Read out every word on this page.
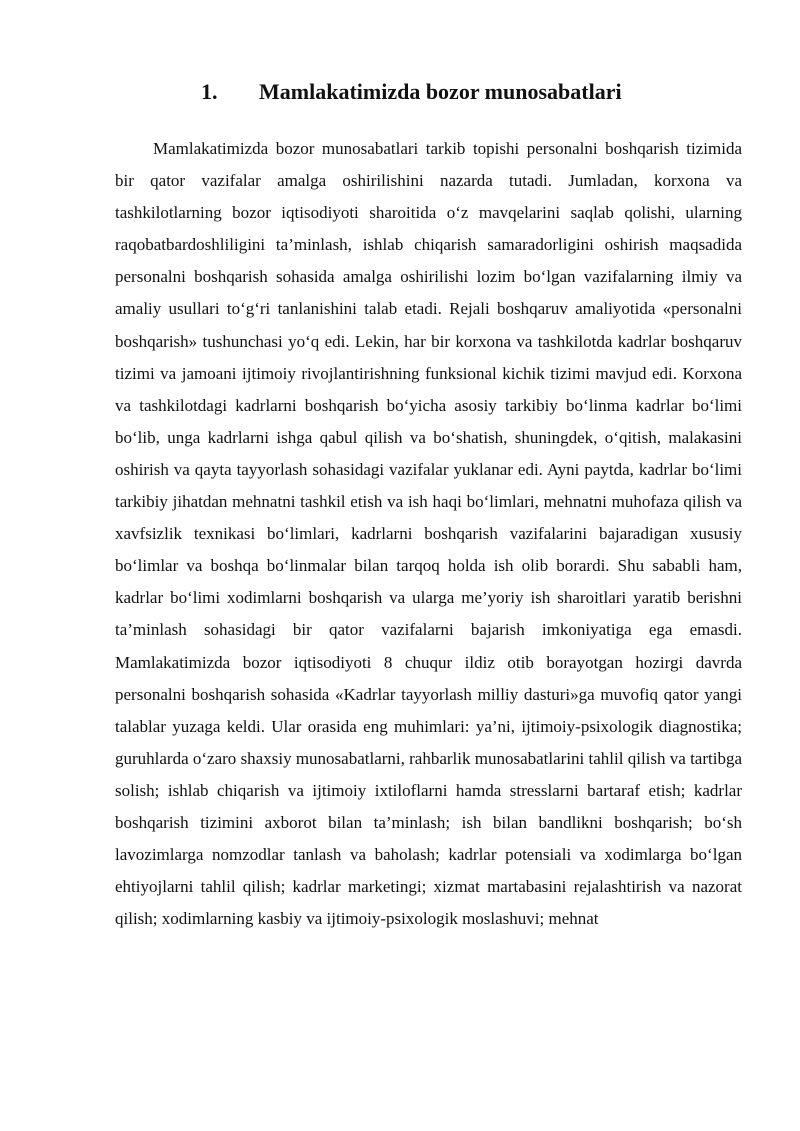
1. Mamlakatimizda bozor munosabatlari

Mamlakatimizda bozor munosabatlari tarkib topishi personalni boshqarish tizimida bir qator vazifalar amalga oshirilishini nazarda tutadi. Jumladan, korxona va tashkilotlarning bozor iqtisodiyoti sharoitida o‘z mavqelarini saqlab qolishi, ularning raqobatbardoshliligini ta’minlash, ishlab chiqarish samaradorligini oshirish maqsadida personalni boshqarish sohasida amalga oshirilishi lozim bo‘lgan vazifalarning ilmiy va amaliy usullari to‘g‘ri tanlanishini talab etadi. Rejali boshqaruv amaliyotida «personalni boshqarish» tushunchasi yo‘q edi. Lekin, har bir korxona va tashkilotda kadrlar boshqaruv tizimi va jamoani ijtimoiy rivojlantirishning funksional kichik tizimi mavjud edi. Korxona va tashkilotdagi kadrlarni boshqarish bo‘yicha asosiy tarkibiy bo‘linma kadrlar bo‘limi bo‘lib, unga kadrlarni ishga qabul qilish va bo‘shatish, shuningdek, o‘qitish, malakasini oshirish va qayta tayyorlash sohasidagi vazifalar yuklanar edi. Ayni paytda, kadrlar bo‘limi tarkibiy jihatdan mehnatni tashkil etish va ish haqi bo‘limlari, mehnatni muhofaza qilish va xavfsizlik texnikasi bo‘limlari, kadrlarni boshqarish vazifalarini bajaradigan xususiy bo‘limlar va boshqa bo‘linmalar bilan tarqoq holda ish olib borardi. Shu sababli ham, kadrlar bo‘limi xodimlarni boshqarish va ularga me’yoriy ish sharoitlari yaratib berishni ta’minlash sohasidagi bir qator vazifalarni bajarish imkoniyatiga ega emasdi. Mamlakatimizda bozor iqtisodiyoti 8 chuqur ildiz otib borayotgan hozirgi davrda personalni boshqarish sohasida «Kadrlar tayyorlash milliy dasturi»ga muvofiq qator yangi talablar yuzaga keldi. Ular orasida eng muhimlari: ya’ni, ijtimoiy-psixologik diagnostika; guruhlarda o‘zaro shaxsiy munosabatlarni, rahbarlik munosabatlarini tahlil qilish va tartibga solish; ishlab chiqarish va ijtimoiy ixtiloflarni hamda stresslarni bartaraf etish; kadrlar boshqarish tizimini axborot bilan ta’minlash; ish bilan bandlikni boshqarish; bo‘sh lavozimlarga nomzodlar tanlash va baholash; kadrlar potensiali va xodimlarga bo‘lgan ehtiyojlarni tahlil qilish; kadrlar marketingi; xizmat martabasini rejalashtirish va nazorat qilish; xodimlarning kasbiy va ijtimoiy-psixologik moslashuvi; mehnat
